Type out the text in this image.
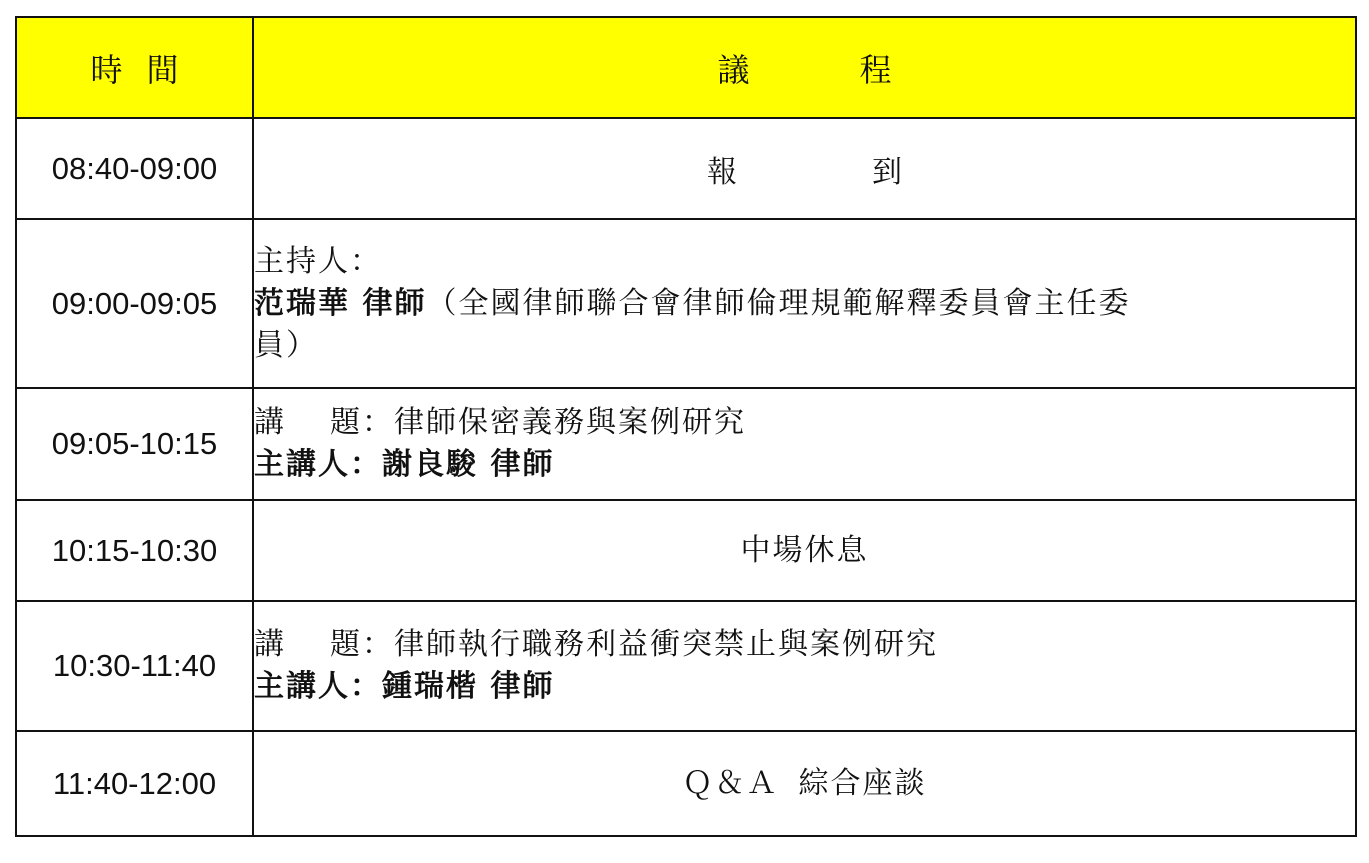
時間	議程
08:40-09:00	報到
09:00-09:05	主持人：
范瑞華 律師（全國律師聯合會律師倫理規範解釋委員會主任委
員）

09:05-10:15	講 題：律師保密義務與案例研究
主講人：謝良駿 律師

10:15-10:30	中場休息

10:30-11:40	講 題：律師執行職務利益衝突禁止與案例研究
主講人：鍾瑞楷 律師

11:40-12:00	Ｑ＆Ａ 綜合座談
